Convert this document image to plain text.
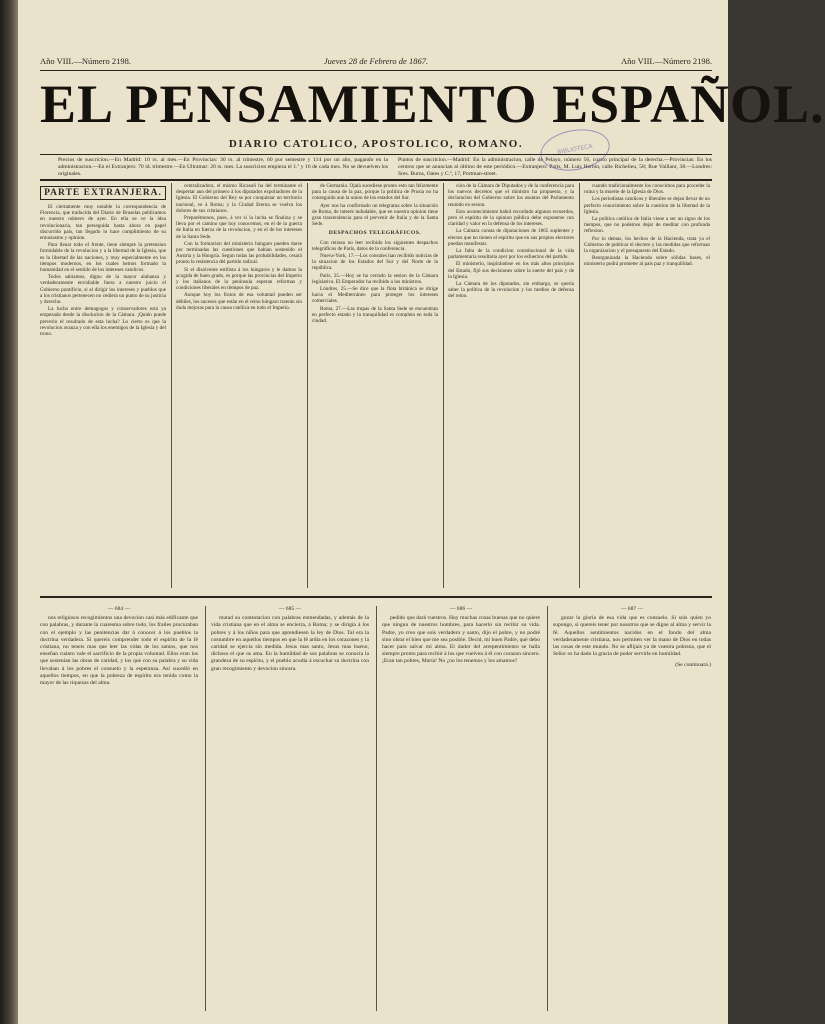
Año VIII.—Número 2198.	Jueves 28 de Febrero de 1867.	Año VIII.—Número 2198.
EL PENSAMIENTO ESPAÑOL.
DIARIO CATOLICO, APOSTOLICO, ROMANO.
Precios de suscricion.—En Madrid: 10 rs. al mes.—En Provincias: 30 rs. al trimestre, 60 por semestre y 114 por un año, pagando en la administracion.—En el Extranjero: 70 id. trimestre.—En Ultramar: 20 rs. mes. La suscricion empieza el 1.º y 16 de cada mes. No se devuelven los originales.
Puntos de suscricion.—Madrid: En la administracion, calle de Pelayo, número 56, cuarto principal de la derecha.—Provincias: En los centros que se anuncian al último de este periódico.—Extranjero: París, M. Luis Herbin, calle Richelieu, 58; Rue Vaillant, 38.—Londres: Sres. Burns, Oates y C.ª, 17, Portman-street.
BIBLIOTECA
PARTE EXTRANJERA.

El ciertamente muy notable la correspondencia de Florencia, que traducida del Diario de Bruselas publicamos en nuestro número de ayer. En ella se ve la idea revolucionaria, tan perseguida hasta ahora en papel discurrido pais, tan llegado lo hace cumplimiento de su entusiasmo y opinion.

Para llenar todo el frente, tiene siempre la pretension formidable de la revolucion y a la libertad de la Iglesia, que es la libertad de las naciones, y muy especialmente en los tiempos modernos, en los cuales hemos formado la humanidad en el sentido de los intereses catolicos.

Todos sabiamos, digno de la mayor alabanza y verdaderamente envidiable fuera a nuestro juicio el Gobierno pontificio, si al dirigir los intereses y pueblos que a los cristianos pertenecen no cediera un punto de su justicia y derecho.

La lucha entre demagogos y conservadores está ya empezada desde la disolucion de la Cámara. ¡Quién puede preverlo el resultado de esta lucha? Lo cierto es que la revolucion avanza y con ella los enemigos de la Iglesia y del trono.

centralizadora, el mismo Ricasoli ha del terminante el despertar aun del primero à los diputados expoliadores de la Iglesia. El Gobierno del Rey se por conquistar un territorio nacional, ve á Roma; y la Ciudad Eterna se vuelva los dolores de sus cristianos.

Preparémonos, pues, á ver si la lucha se finaliza y se lleva por el camino que hoy conocemos, en el de la guerra de Italia en fuerza de la revolucion, y en el de los intereses de la Santa Sede.

Con la formacion del ministerio húngaro pueden darse por terminadas las cuestiones que habian sostenido el Austria y la Hungría. Segun todas las probabilidades, cesará pronto la resistencia del partido radical.

Si el disolvente estilista á los húngaros y le damos la acogida de buen grado, es porque las provincias del Imperio y los italianos de la península esperan reformas y condiciones liberales en tiempos de paz.

Aunque hoy los frutos de esa voluntad pueden ser débiles, los sucesos que están en el reino húngaro traerán sin duda mejoras para la causa católica en todo el Imperio.

de Germania. Ojalá sucediese pronto esto tan felizmente para la causa de la paz, porque la política de Prusia no ha conseguido aun la union de los estados del Sur.

Ayer nos ha confirmado un telegrama sobre la situación de Roma, de interés indudable, que en nuestra opinion tiene gran trascendencia para el porvenir de Italia y de la Santa Sede.

DESPACHOS TELEGRÁFICOS.

Con retraso no leer recibido los siguientes despachos telegráficos de París, datos de la conferencia.

Nueva-York, 17.—Los consules han recibido noticias de la situacion de los Estados del Sur y del Norte de la república.

París, 25.—Hoy se ha cerrado la sesion de la Cámara legislativa. El Emperador ha recibido a los ministros.

Lóndres, 25.—Se dice que la flota británica se dirige hacia el Mediterráneo para proteger los intereses comerciales.

Roma, 27.—Las tropas de la Santa Sede se encuentran en perfecto estado y la tranquilidad es completa en toda la ciudad.

ción de la Cámara de Diputados y de la conferencia para los nuevos decretos que el ministro ha propuesto, y la declaracion del Gobierno sobre los asuntos del Parlamento reunido en sesion.

Esto acontecimiento habrá recordado algunos recuerdos, pero el espíritu de la opinion pública debe exponerse con claridad y valor en la defensa de los intereses.

La Cámara consta de diputaciones de 1865 suplentes y electos que no tienen el espíritu que en sus propios electores puedan manifestar.

La falta de la condicion constitucional de la vida parlamentaria resultaria ayer por los esfuerzos del partido.

El ministerio, inspirándose en los más altos principios del Estado, fijó sus decisiones sobre la suerte del país y de la Iglesia.

La Cámara de los diputados, sin embargo, se quería saber la política de la revolucion y los medios de defensa del reino.

cuando tradicionalmente los conocimos para proceder la ruina y la muerte de la Iglesia de Dios.

Los periodistas catolicos y liberales se dejan llevar de un perfecto conocimiento sobre la cuestion de la libertad de la Iglesia.

La política católica de Italia viene a ser un signo de los tiempos, que no podemos dejar de meditar con profunda reflexion.

Por lo demas, los hechos de la Hacienda, trata ya el Gobierno de publicar el decreto y las medidas que reforman la organizacion y el presupuesto del Estado.

Reorganizada la Hacienda sobre sólidas bases, el ministerio podrá prometer al pais paz y tranquilidad.

— 684 —

nos religiosos recogimientos una devocion casi más edificante que con palabras, y durante la cuaresma sobre todo, los frailes procuraban con el ejemplo y las penitencias dar á conocer á los pueblos la doctrina verdadera. Si quereis comprender todo el espíritu de la fé cristiana, no teneis mas que leer las vidas de los santos, que nos enseñan cuánto vale el sacrificio de la propia voluntad. Ellos eran los que sostenian las obras de caridad, y los que con su palabra y su vida llevaban á los pobres el consuelo y la esperanza. Así sucedió en aquellos tiempos, en que la pobreza de espíritu era tenida como la mayor de las riquezas del alma.

— 685 —

mutad su contestacion con palabras enmendadas, y además de la vida cristiana que en el alma se encierra, á Roma; y se dirigía á los pobres y á los niños para que aprendiesen la ley de Dios. Tal era la costumbre en aquellos tiempos en que la fé ardía en los corazones y la caridad se ejercía sin medida. Jesus mas santo, Jesus mas bueno, dichoso el que os ama. En la humildad de sus palabras se conocía la grandeza de su espíritu, y el pueblo acudía á escuchar su doctrina con gran recogimiento y devocion sincera.

— 686 —

pedido que dará vuestros. Hoy muchas cosas buenas que no quiere que ningun de nuestros hombres, para hacerlo sin recibir su vida. Padre, yo creo que sois verdadero y santo, dijo el pobre, y no podré sino obrar el bien que me sea posible. Decid, mi buen Padre, qué debo hacer para salvar mi alma. El dador del arrepentimiento se halla siempre pronto para recibir á los que vuelven á él con corazon sincero. ¡Eran tan pobres, María! No ¿no los tenemos y los amamos?

— 687 —

gozar la gloria de esa vida que es consuelo. Si sois quien yo supongo, si quereis tener por nosotros que se digne al alma y servir la fé. Aquellos sentimientos nacidos en el fondo del alma verdaderamente cristiana, nos permiten ver la mano de Dios en todas las cosas de este mundo. No se aflijais ya de vuestra pobreza, que el Señor os ha dado la gracia de poder servirle en humildad.

(Se continuará.)
